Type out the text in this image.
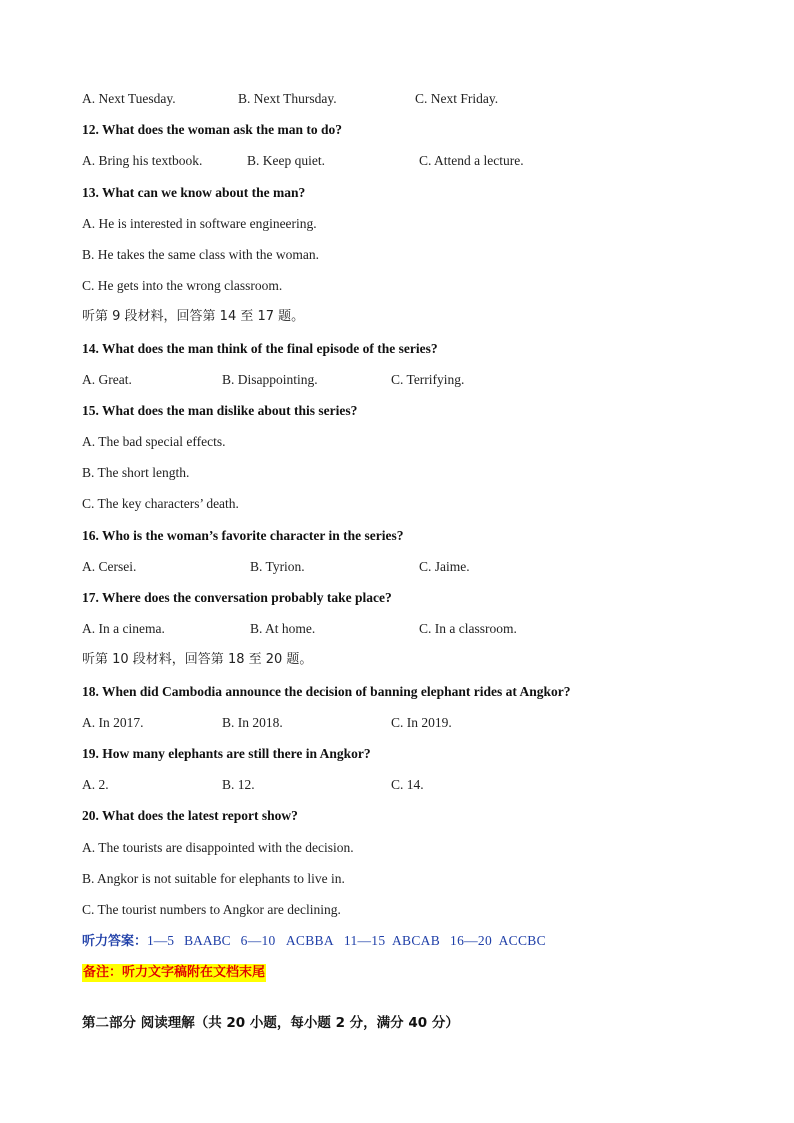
A. Next Tuesday.	B. Next Thursday.	C. Next Friday.
12. What does the woman ask the man to do?
A. Bring his textbook.	B. Keep quiet.	C. Attend a lecture.
13. What can we know about the man?
A. He is interested in software engineering.
B. He takes the same class with the woman.
C. He gets into the wrong classroom.
听第 9 段材料，回答第 14 至 17 题。
14. What does the man think of the final episode of the series?
A. Great.	B. Disappointing.	C. Terrifying.
15. What does the man dislike about this series?
A. The bad special effects.
B. The short length.
C. The key characters’ death.
16. Who is the woman’s favorite character in the series?
A. Cersei.	B. Tyrion.	C. Jaime.
17. Where does the conversation probably take place?
A. In a cinema.	B. At home.	C. In a classroom.
听第 10 段材料，回答第 18 至 20 题。
18. When did Cambodia announce the decision of banning elephant rides at Angkor?
A. In 2017.	B. In 2018.	C. In 2019.
19. How many elephants are still there in Angkor?
A. 2.	B. 12.	C. 14.
20. What does the latest report show?
A. The tourists are disappointed with the decision.
B. Angkor is not suitable for elephants to live in.
C. The tourist numbers to Angkor are declining.
听力答案：1—5   BAABC 6—10   ACBBA 11—15  ABCAB 16—20  ACCBC
备注：听力文字稿附在文档末尾
第二部分 阅读理解（共 20 小题，每小题 2 分，满分 40 分）
